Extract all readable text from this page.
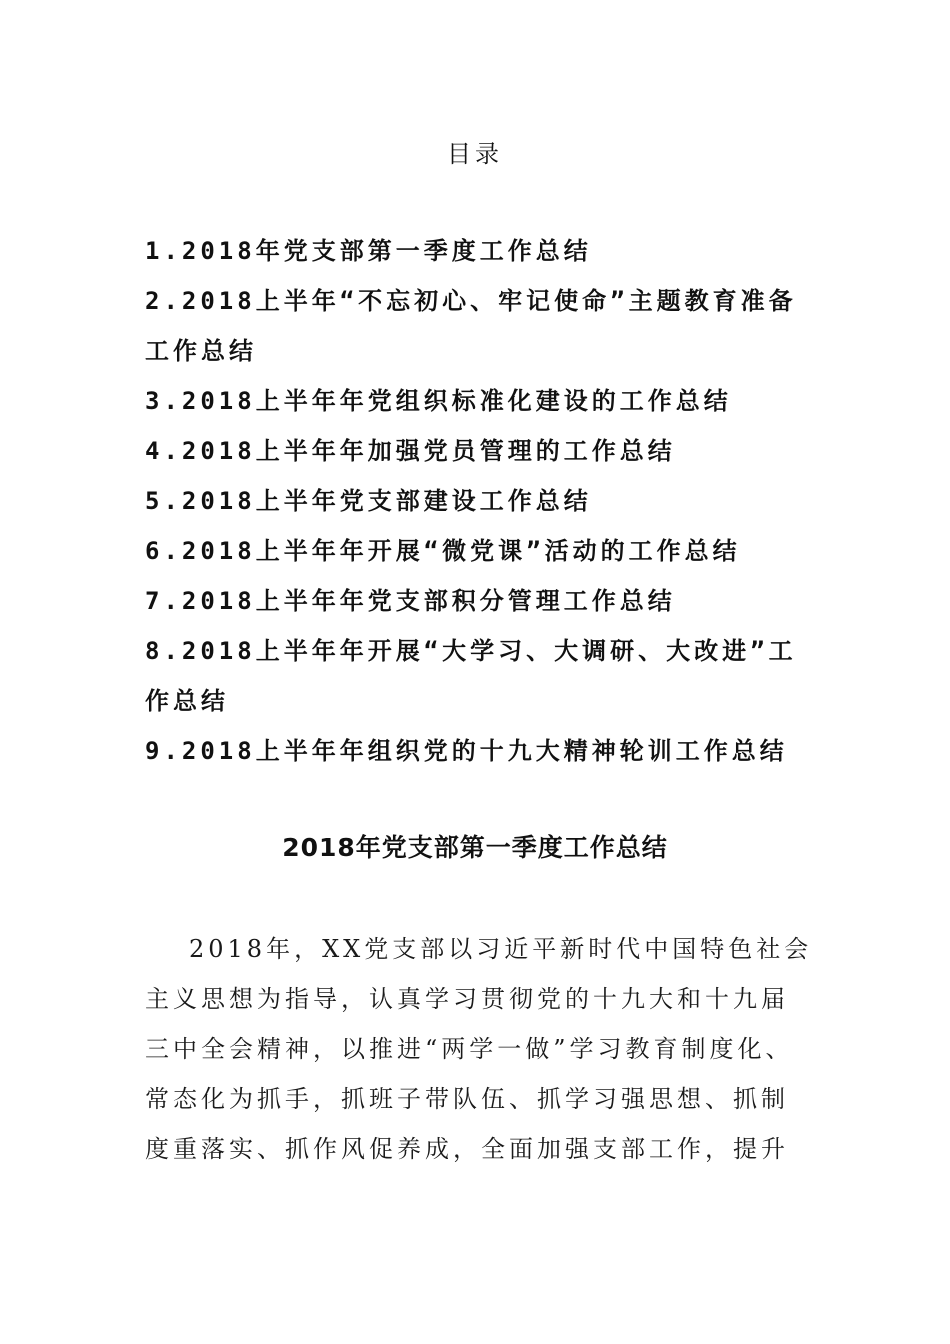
目录
1.2018年党支部第一季度工作总结
2.2018上半年“不忘初心、牢记使命”主题教育准备工作总结
3.2018上半年年党组织标准化建设的工作总结
4.2018上半年年加强党员管理的工作总结
5.2018上半年党支部建设工作总结
6.2018上半年年开展“微党课”活动的工作总结
7.2018上半年年党支部积分管理工作总结
8.2018上半年年开展“大学习、大调研、大改进”工作总结
9.2018上半年年组织党的十九大精神轮训工作总结
2018年党支部第一季度工作总结

2018年，XX党支部以习近平新时代中国特色社会主义思想为指导，认真学习贯彻党的十九大和十九届三中全会精神，以推进“两学一做”学习教育制度化、常态化为抓手，抓班子带队伍、抓学习强思想、抓制度重落实、抓作风促养成，全面加强支部工作，提升
